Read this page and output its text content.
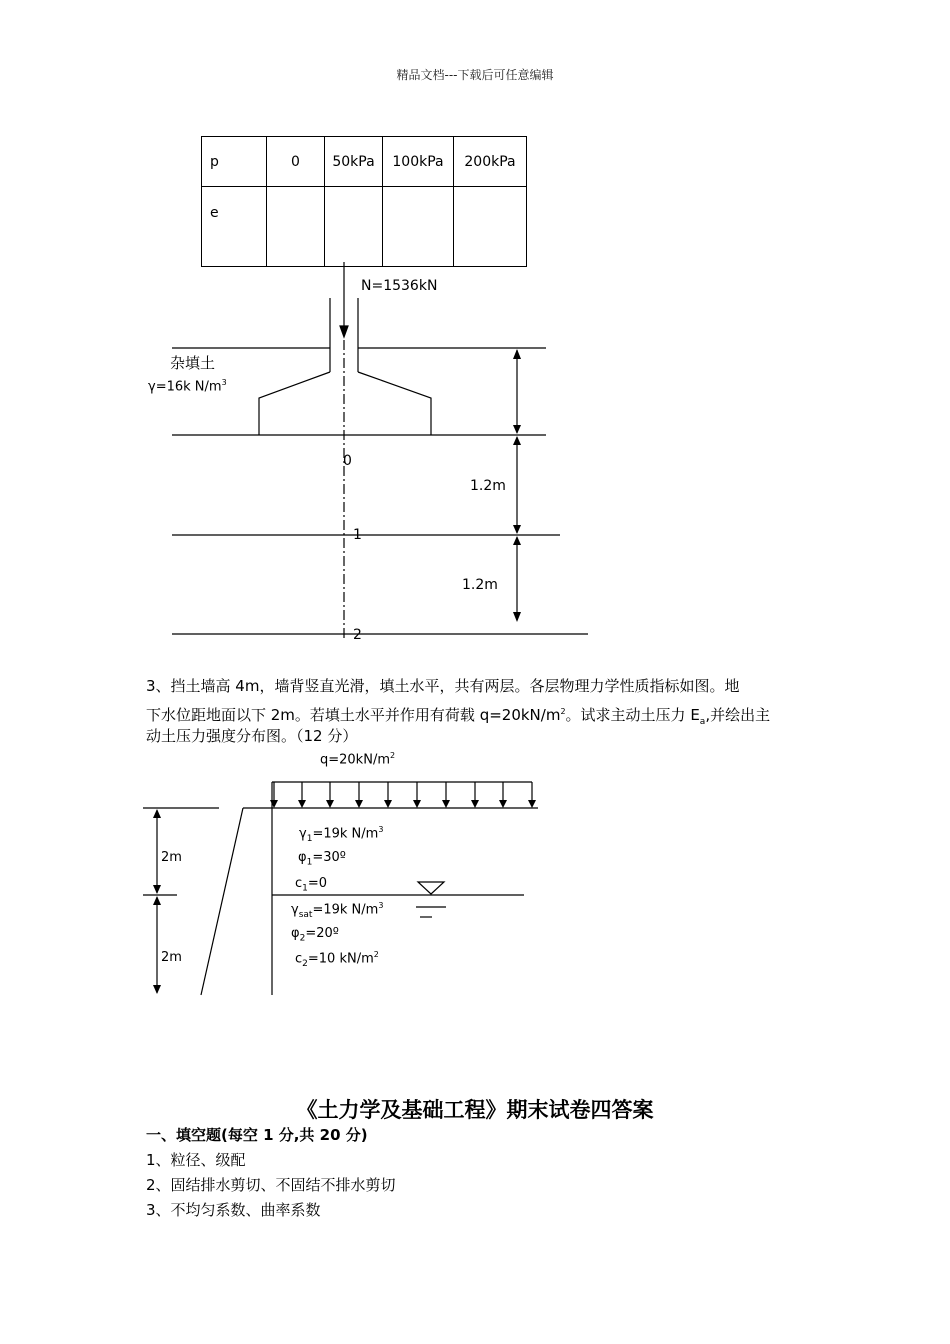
精品文档---下载后可任意编辑
p	0	50kPa	100kPa	200kPa
e				
N=1536kN
杂填土
γ=16k $N/m^3$
0
1
2
1.2m
1.2m
3、挡土墙高 4m，墙背竖直光滑，填土水平，共有两层。各层物理力学性质指标如图。地
下水位距地面以下 2m。若填土水平并作用有荷载 $q=20kN/m^2$。试求主动土压力 $E_a$,并绘出主
动土压力强度分布图。（12 分）
$q=20kN/m^2$
2m
2m
$\gamma_1=19k$ $N/m^3$
$\varphi_1=30º$
$c_1=0$
$\gamma_{sat}=19k$ $N/m^3$
$\varphi_2=20º$
$c_2=10$ $kN/m^2$
《土力学及基础工程》期末试卷四答案
一、填空题(每空 1 分,共 20 分)
1、粒径、级配
2、固结排水剪切、不固结不排水剪切
3、不均匀系数、曲率系数
